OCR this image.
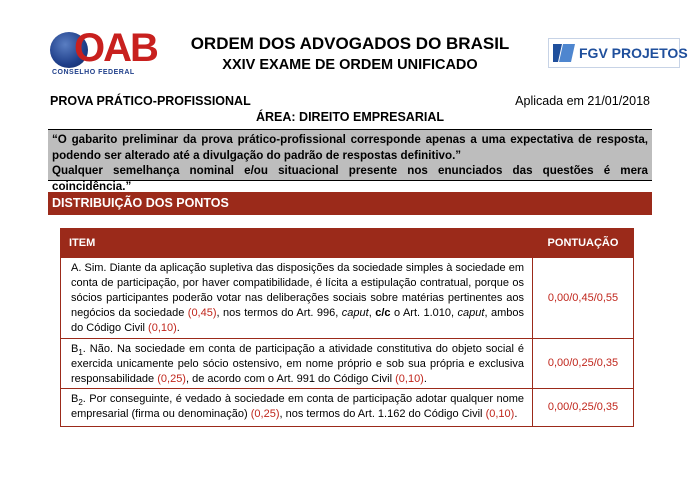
OAB
CONSELHO FEDERAL
ORDEM DOS ADVOGADOS DO BRASIL
XXIV EXAME DE ORDEM UNIFICADO
FGV PROJETOS
PROVA PRÁTICO-PROFISSIONAL	Aplicada em 21/01/2018
ÁREA: DIREITO EMPRESARIAL
“O gabarito preliminar da prova prático-profissional corresponde apenas a uma expectativa de resposta, podendo ser alterado até a divulgação do padrão de respostas definitivo.”
Qualquer semelhança nominal e/ou situacional presente nos enunciados das questões é mera coincidência.”
DISTRIBUIÇÃO DOS PONTOS
ITEM	PONTUAÇÃO
A. Sim. Diante da aplicação supletiva das disposições da sociedade simples à sociedade em conta de participação, por haver compatibilidade, é lícita a estipulação contratual, porque os sócios participantes poderão votar nas deliberações sociais sobre matérias pertinentes aos negócios da sociedade (0,45), nos termos do Art. 996, caput, c/c o Art. 1.010, caput, ambos do Código Civil (0,10).
0,00/0,45/0,55
$B_1$. Não. Na sociedade em conta de participação a atividade constitutiva do objeto social é exercida unicamente pelo sócio ostensivo, em nome próprio e sob sua própria e exclusiva responsabilidade (0,25), de acordo com o Art. 991 do Código Civil (0,10).
0,00/0,25/0,35
$B_2$. Por conseguinte, é vedado à sociedade em conta de participação adotar qualquer nome empresarial (firma ou denominação) (0,25), nos termos do Art. 1.162 do Código Civil (0,10).
0,00/0,25/0,35
